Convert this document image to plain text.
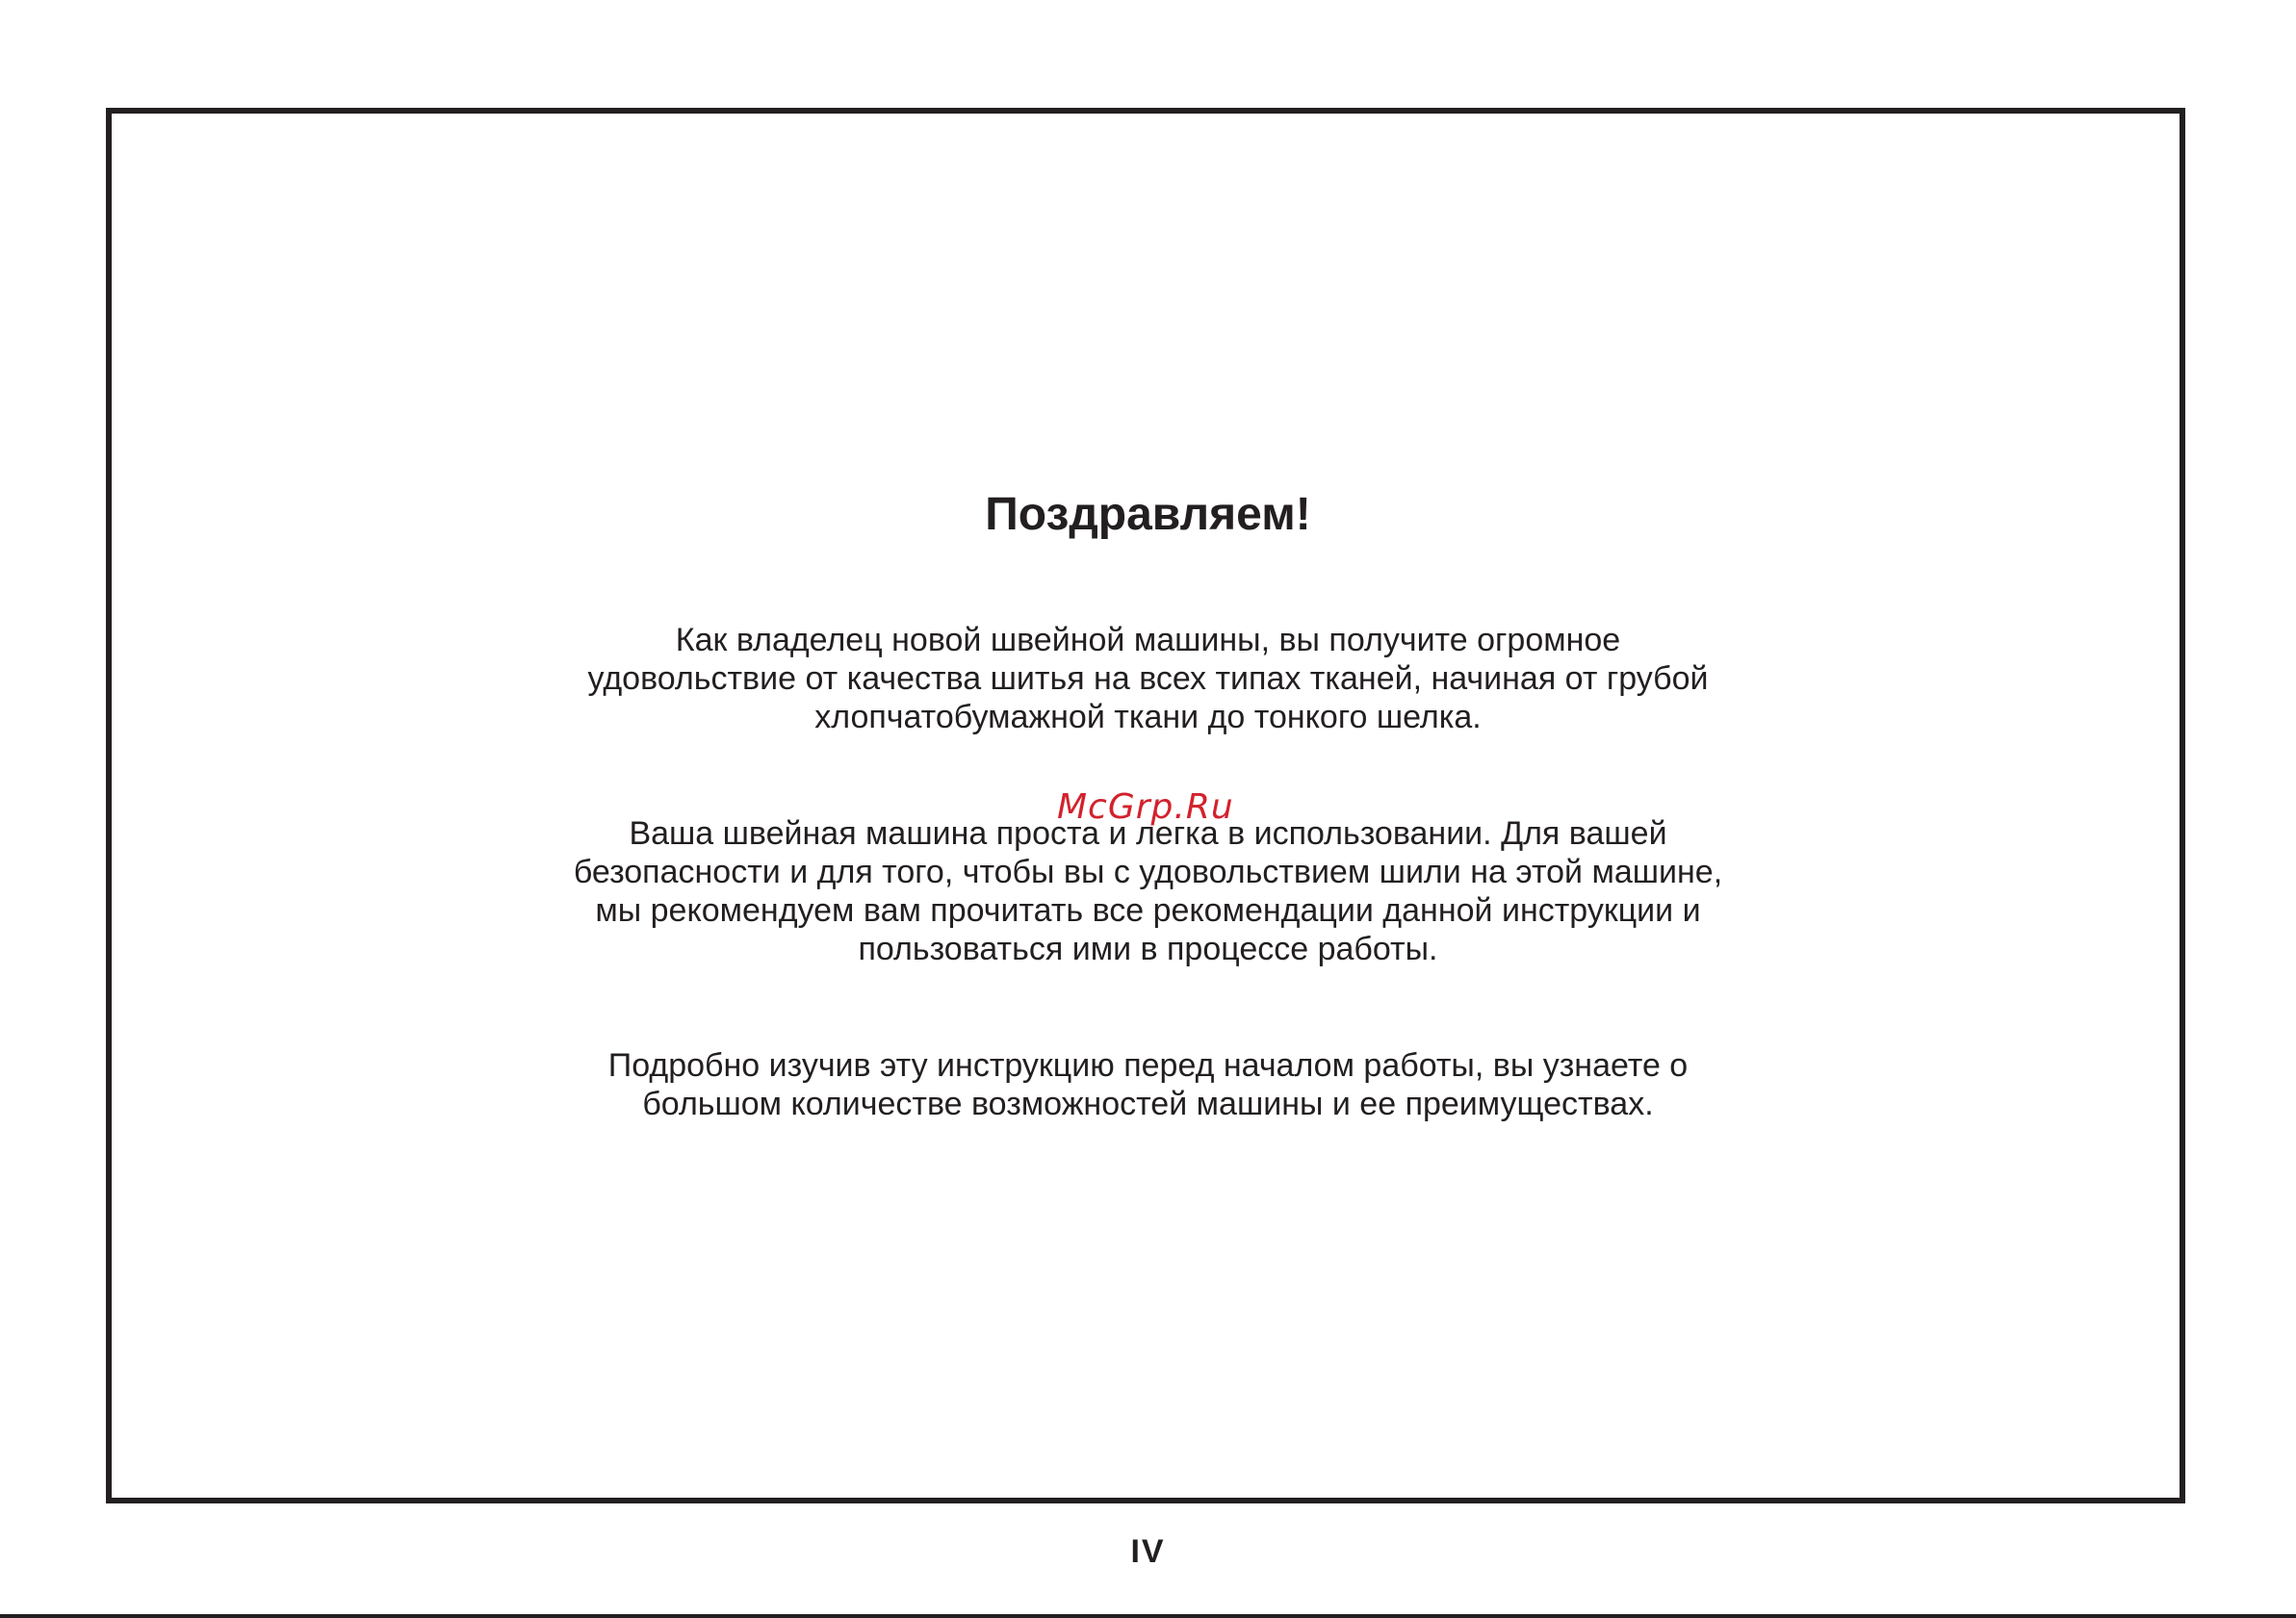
Поздравляем!

Как владелец новой швейной машины, вы получите огромное
удовольствие от качества шитья на всех типах тканей, начиная от грубой
хлопчатобумажной ткани до тонкого шелка.

Ваша швейная машина проста и легка в использовании. Для вашей
безопасности и для того, чтобы вы с удовольствием шили на этой машине,
мы рекомендуем вам прочитать все рекомендации данной инструкции и
пользоваться ими в процессе работы.

Подробно изучив эту инструкцию перед началом работы, вы узнаете о
большом количестве возможностей машины и ее преимуществах.

McGrp.Ru
IV
